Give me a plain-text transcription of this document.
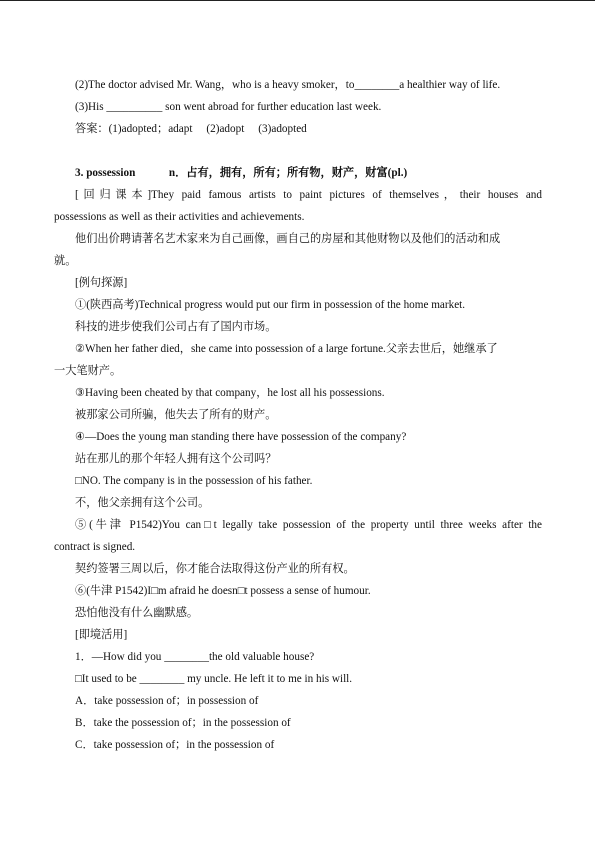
(2)The doctor advised Mr. Wang，who is a heavy smoker，to________a healthier way of life.
(3)His __________ son went abroad for further education last week.
答案：(1)adopted；adapt　 (2)adopt　 (3)adopted
3. possession　　　n．占有，拥有，所有；所有物，财产，财富(pl.)
[回归课本]They paid famous artists to paint pictures of themselves，their houses and
possessions as well as their activities and achievements.
他们出价聘请著名艺术家来为自己画像，画自己的房屋和其他财物以及他们的活动和成
就。
[例句探源]
①(陕西高考)Technical progress would put our firm in possession of the home market.
科技的进步使我们公司占有了国内市场。
②When her father died，she came into possession of a large fortune.父亲去世后，她继承了
一大笔财产。
③Having been cheated by that company，he lost all his possessions.
被那家公司所骗，他失去了所有的财产。
④—Does the young man standing there have possession of the company?
站在那儿的那个年轻人拥有这个公司吗？
□NO. The company is in the possession of his father.
不，他父亲拥有这个公司。
⑤(牛津 P1542)You can□t legally take possession of the property until three weeks after the
contract is signed.
契约签署三周以后，你才能合法取得这份产业的所有权。
⑥(牛津 P1542)I□m afraid he doesn□t possess a sense of humour.
恐怕他没有什么幽默感。
[即境活用]
1．—How did you ________the old valuable house?
□It used to be ________ my uncle. He left it to me in his will.
A．take possession of；in possession of
B．take the possession of；in the possession of
C．take possession of；in the possession of
